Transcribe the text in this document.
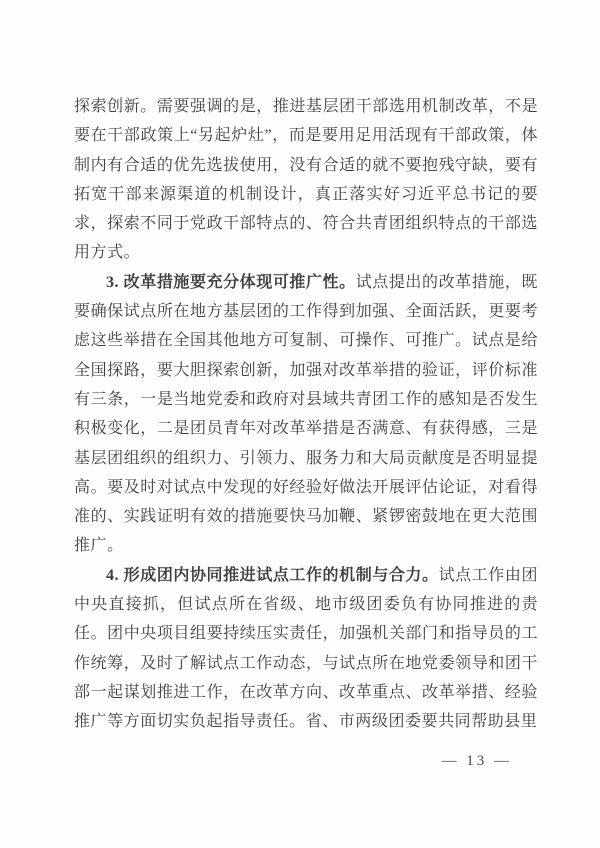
探索创新。需要强调的是，推进基层团干部选用机制改革，不是要在干部政策上“另起炉灶”，而是要用足用活现有干部政策，体制内有合适的优先选拔使用，没有合适的就不要抱残守缺，要有拓宽干部来源渠道的机制设计，真正落实好习近平总书记的要求，探索不同于党政干部特点的、符合共青团组织特点的干部选用方式。

3. 改革措施要充分体现可推广性。试点提出的改革措施，既要确保试点所在地方基层团的工作得到加强、全面活跃，更要考虑这些举措在全国其他地方可复制、可操作、可推广。试点是给全国探路，要大胆探索创新，加强对改革举措的验证，评价标准有三条，一是当地党委和政府对县域共青团工作的感知是否发生积极变化，二是团员青年对改革举措是否满意、有获得感，三是基层团组织的组织力、引领力、服务力和大局贡献度是否明显提高。要及时对试点中发现的好经验好做法开展评估论证，对看得准的、实践证明有效的措施要快马加鞭、紧锣密鼓地在更大范围推广。

4. 形成团内协同推进试点工作的机制与合力。试点工作由团中央直接抓，但试点所在省级、地市级团委负有协同推进的责任。团中央项目组要持续压实责任，加强机关部门和指导员的工作统筹，及时了解试点工作动态，与试点所在地党委领导和团干部一起谋划推进工作，在改革方向、改革重点、改革举措、经验推广等方面切实负起指导责任。省、市两级团委要共同帮助县里

— 13 —
